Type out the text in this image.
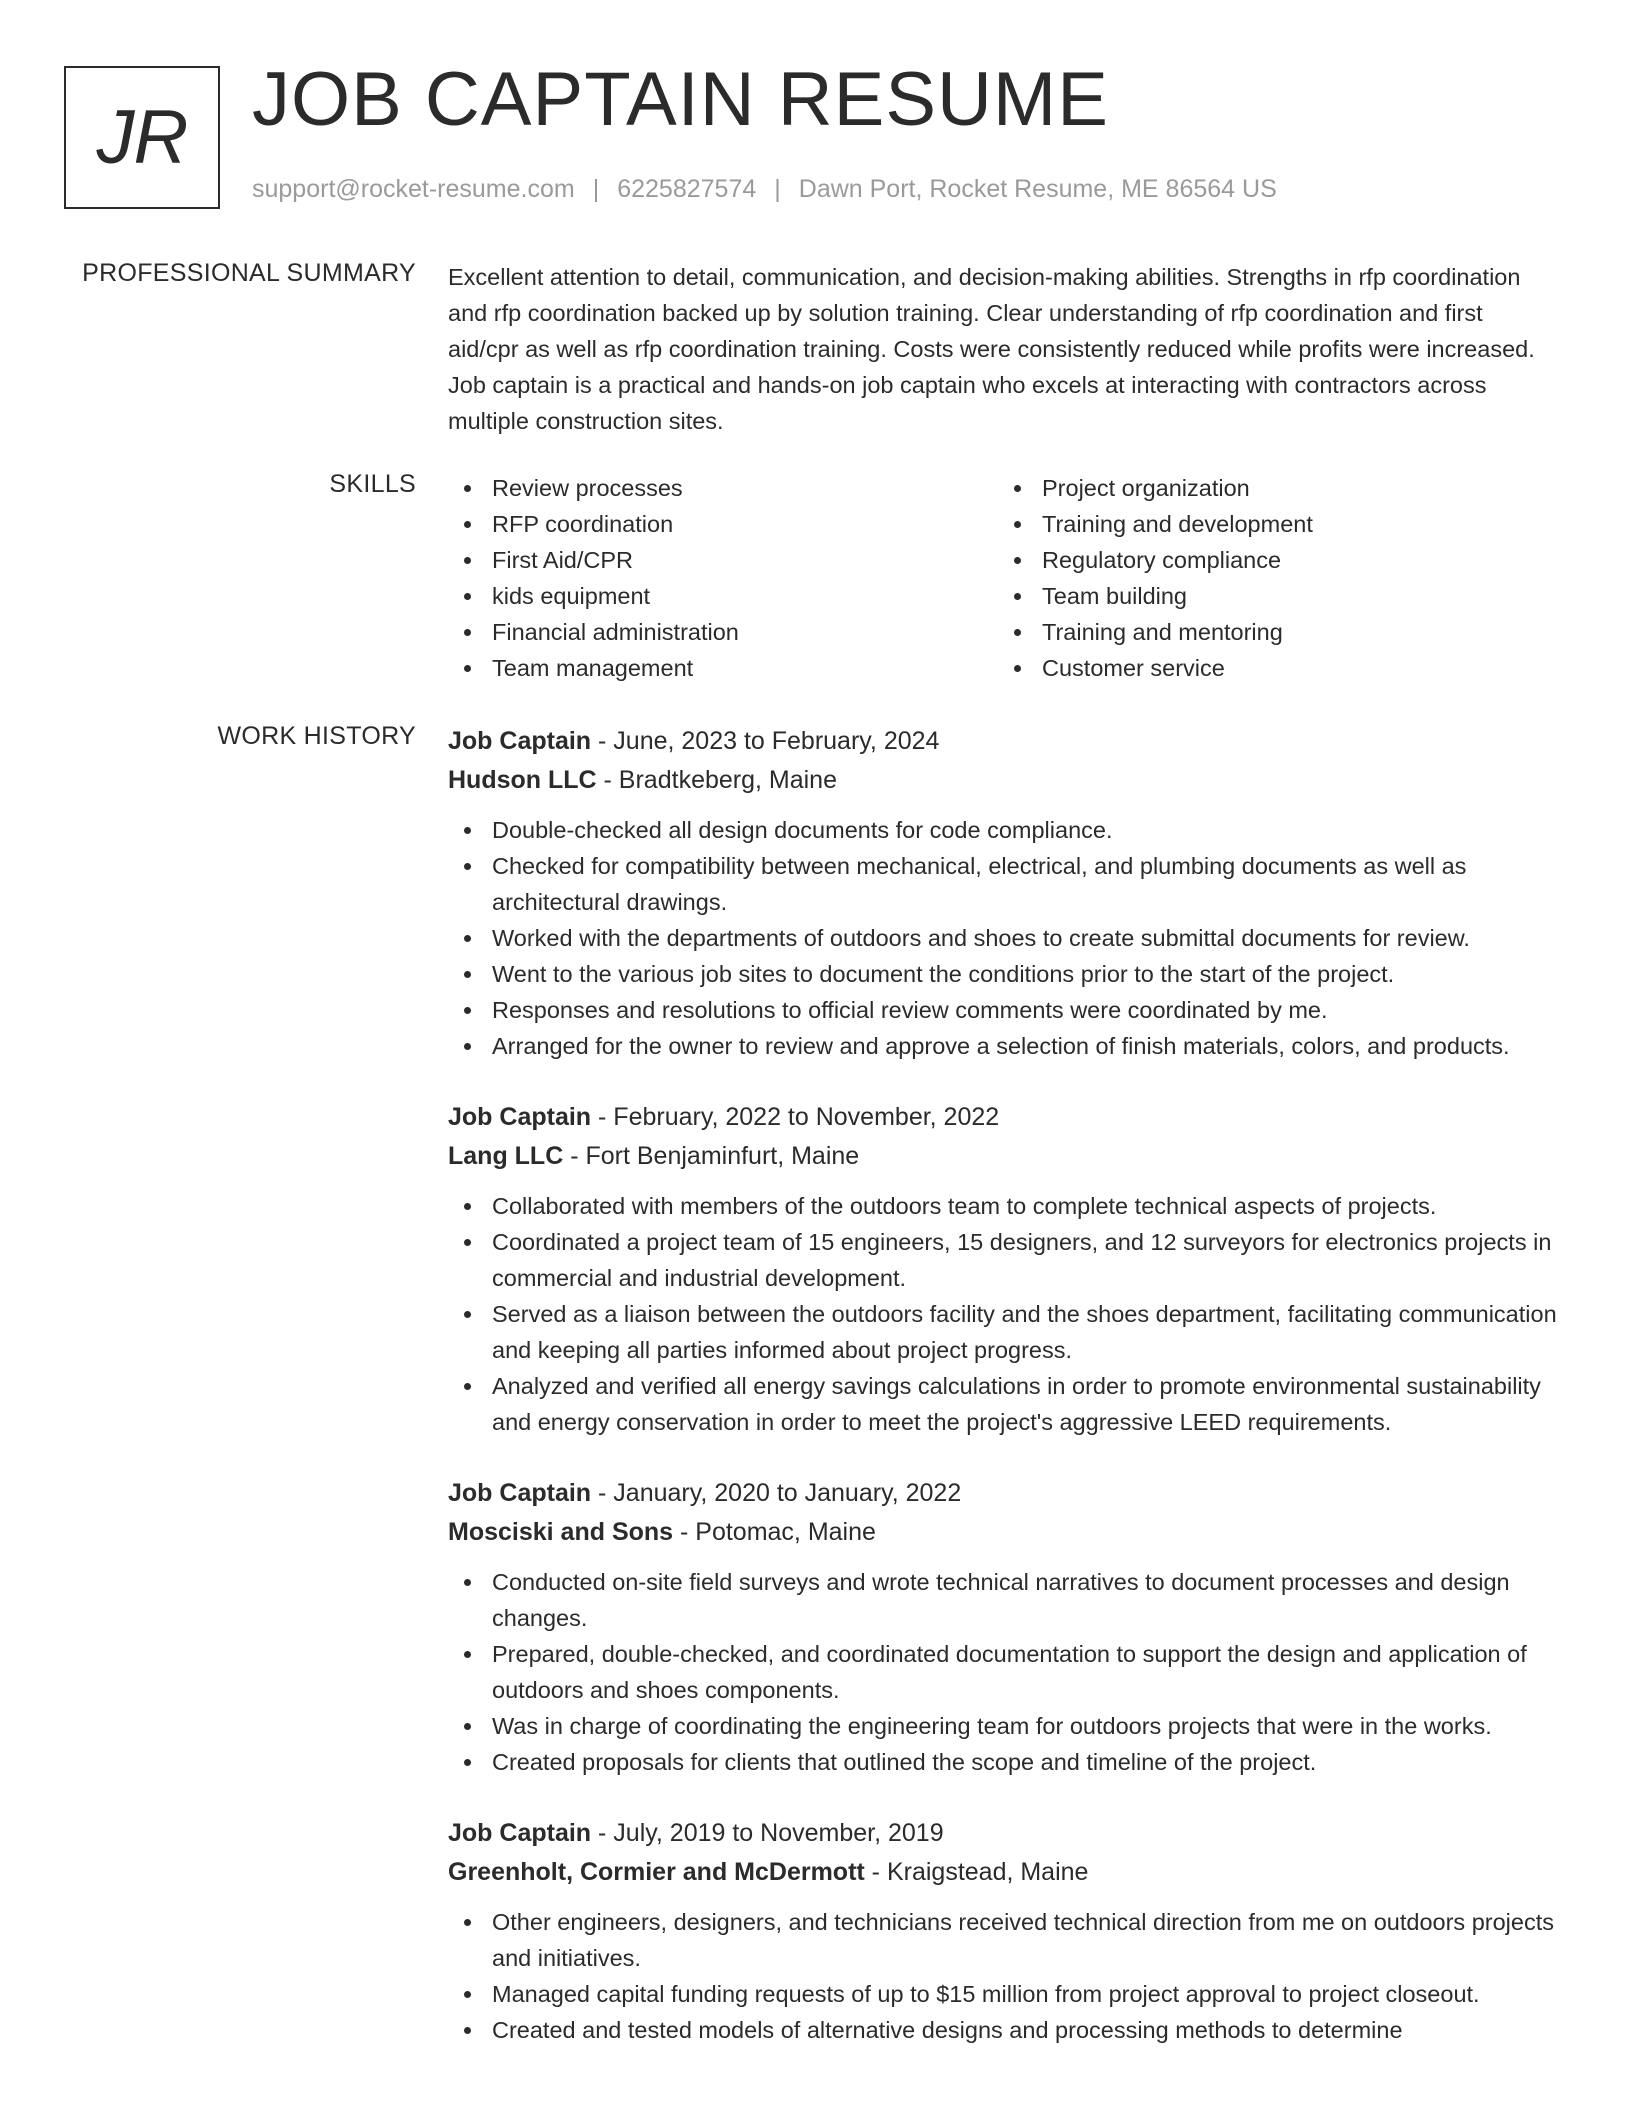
JR JOB CAPTAIN RESUME
support@rocket-resume.com | 6225827574 | Dawn Port, Rocket Resume, ME 86564 US
PROFESSIONAL SUMMARY Excellent attention to detail, communication, and decision-making abilities. Strengths in rfp coordination and rfp coordination backed up by solution training. Clear understanding of rfp coordination and first aid/cpr as well as rfp coordination training. Costs were consistently reduced while profits were increased. Job captain is a practical and hands-on job captain who excels at interacting with contractors across multiple construction sites.

SKILLS	Review processes
RFP coordination
First Aid/CPR
kids equipment
Financial administration
Team management
Project organization
Training and development
Regulatory compliance
Team building
Training and mentoring
Customer service
WORK HISTORY Job Captain - June, 2023 to February, 2024
Hudson LLC - Bradtkeberg, Maine
Double-checked all design documents for code compliance.
Checked for compatibility between mechanical, electrical, and plumbing documents as well as architectural drawings.
Worked with the departments of outdoors and shoes to create submittal documents for review.
Went to the various job sites to document the conditions prior to the start of the project.
Responses and resolutions to official review comments were coordinated by me.
Arranged for the owner to review and approve a selection of finish materials, colors, and products.
Job Captain - February, 2022 to November, 2022
Lang LLC - Fort Benjaminfurt, Maine
Collaborated with members of the outdoors team to complete technical aspects of projects.
Coordinated a project team of 15 engineers, 15 designers, and 12 surveyors for electronics projects in commercial and industrial development.
Served as a liaison between the outdoors facility and the shoes department, facilitating communication and keeping all parties informed about project progress.
Analyzed and verified all energy savings calculations in order to promote environmental sustainability and energy conservation in order to meet the project's aggressive LEED requirements.
Job Captain - January, 2020 to January, 2022
Mosciski and Sons - Potomac, Maine
Conducted on-site field surveys and wrote technical narratives to document processes and design changes.
Prepared, double-checked, and coordinated documentation to support the design and application of outdoors and shoes components.
Was in charge of coordinating the engineering team for outdoors projects that were in the works.
Created proposals for clients that outlined the scope and timeline of the project.
Job Captain - July, 2019 to November, 2019
Greenholt, Cormier and McDermott - Kraigstead, Maine
Other engineers, designers, and technicians received technical direction from me on outdoors projects and initiatives.
Managed capital funding requests of up to $15 million from project approval to project closeout.
Created and tested models of alternative designs and processing methods to determine
